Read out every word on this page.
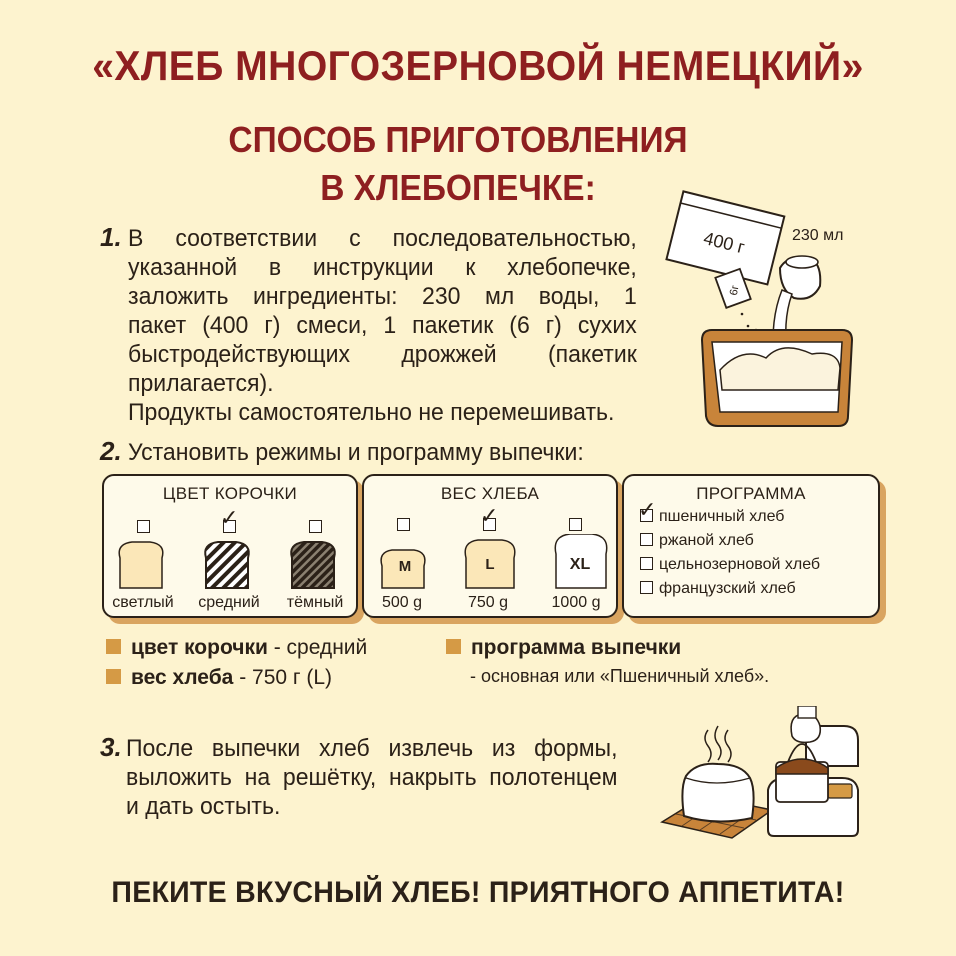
«ХЛЕБ МНОГОЗЕРНОВОЙ НЕМЕЦКИЙ»
СПОСОБ ПРИГОТОВЛЕНИЯ
В ХЛЕБОПЕЧКЕ:
1. В соответствии с последовательностью,
указанной в инструкции к хлебопечке,
заложить ингредиенты: 230 мл воды, 1
пакет (400 г) смеси, 1 пакетик (6 г) сухих
быстродействующих дрожжей (пакетик
прилагается).
Продукты самостоятельно не перемешивать.
400 г
6г
230 мл
2. Установить режимы и программу выпечки:
ЦВЕТ КОРОЧКИ
✓
светлый	средний	тёмный
ВЕС ХЛЕБА
✓
M	L	XL
500 g	750 g	1000 g
ПРОГРАММА
пшеничный хлеб
✓
ржаной хлеб
цельнозерновой хлеб
французский хлеб
цвет корочки - средний
вес хлеба - 750 г (L)
программа выпечки
- основная или «Пшеничный хлеб».
3. После выпечки хлеб извлечь из формы,
выложить на решётку, накрыть полотенцем
и дать остыть.
ПЕКИТЕ ВКУСНЫЙ ХЛЕБ! ПРИЯТНОГО АППЕТИТА!
